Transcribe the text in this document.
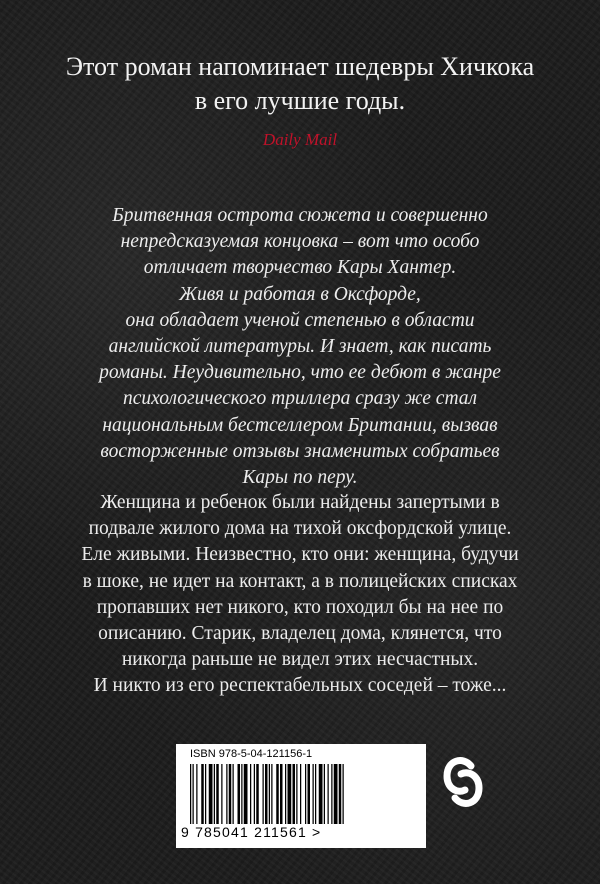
Этот роман напоминает шедевры Хичкока
в его лучшие годы.
Daily Mail
Бритвенная острота сюжета и совершенно
непредсказуемая концовка – вот что особо
отличает творчество Кары Хантер.
Живя и работая в Оксфорде,
она обладает ученой степенью в области
английской литературы. И знает, как писать
романы. Неудивительно, что ее дебют в жанре
психологического триллера сразу же стал
национальным бестселлером Британии, вызвав
восторженные отзывы знаменитых собратьев
Кары по перу.
Женщина и ребенок были найдены запертыми в
подвале жилого дома на тихой оксфордской улице.
Еле живыми. Неизвестно, кто они: женщина, будучи
в шоке, не идет на контакт, а в полицейских списках
пропавших нет никого, кто походил бы на нее по
описанию. Старик, владелец дома, клянется, что
никогда раньше не видел этих несчастных.
И никто из его респектабельных соседей – тоже...
ISBN 978-5-04-121156-1
9 785041 211561 >
